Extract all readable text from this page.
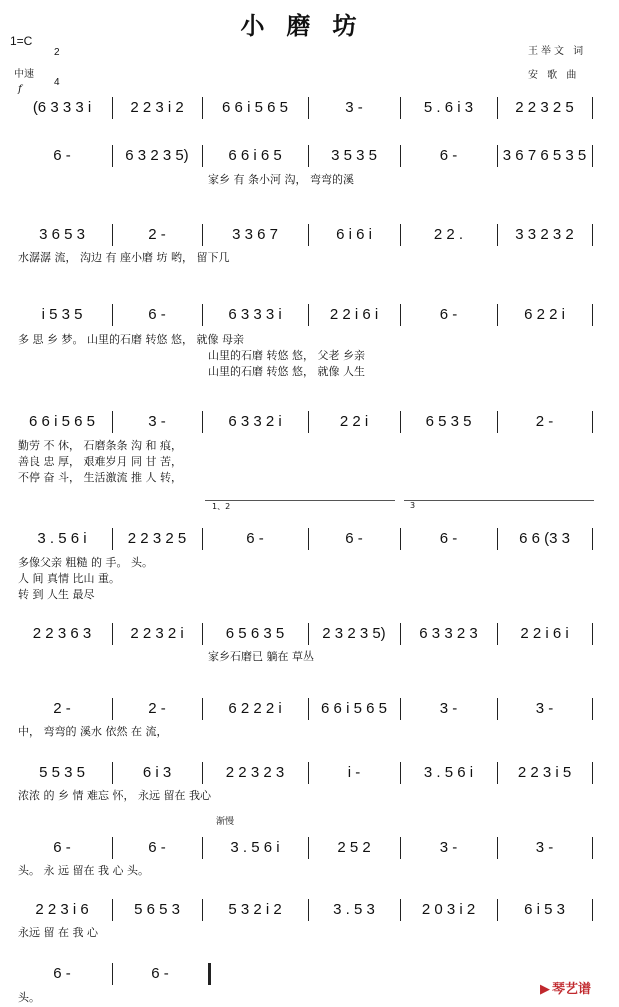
小磨坊
1=C

2

4

中速
f
王举文 词
安 歌 曲
渐慢
1、2	3
(6 3 3 3 i	2 2 3 i 2	6 6 i 5 6 5	3 -	5 . 6 i 3	2 2 3 2 5
6 -	6 3 2 3 5)	6 6 i 6 5	3 5 3 5	6 -	3 6 7 6 5 3 5
家乡 有 条小河 沟， 弯弯的溪
3 6 5 3	2 -	3 3 6 7	6 i 6 i	2 2 .	3 3 2 3 2
水潺潺 流， 沟边 有 座小磨 坊 哟， 留下几
i 5 3 5	6 -	6 3 3 3 i	2 2 i 6 i	6 -	6 2 2 i
多 思 乡 梦。 山里的石磨 转悠 悠， 就像 母亲
山里的石磨 转悠 悠， 父老 乡亲
山里的石磨 转悠 悠， 就像 人生
6 6 i 5 6 5	3 -	6 3 3 2 i	2 2 i	6 5 3 5	2 -
勤劳 不 休， 石磨条条 沟 和 痕，
善良 忠 厚， 艰难岁月 同 甘 苦，
不停 奋 斗， 生活激流 推 人 转，
3 . 5 6 i	2 2 3 2 5	6 -	6 -	6 -	6 6 (3 3
多像父亲 粗糙 的 手。 头。
人 间 真情 比山 重。
转 到 人生 最尽
2 2 3 6 3	2 2 3 2 i	6 5 6 3 5	2 3 2 3 5)	6 3 3 2 3	2 2 i 6 i
家乡石磨已 躺在 草丛
2 -	2 -	6 2 2 2 i	6 6 i 5 6 5	3 -	3 -
中， 弯弯的 溪水 依然 在 流，
5 5 3 5	6 i 3	2 2 3 2 3	i -	3 . 5 6 i	2 2 3 i 5
浓浓 的 乡 情 难忘 怀， 永远 留在 我心
6 -	6 -	3 . 5 6 i	2 5 2	3 -	3 -
头。 永 远 留在 我 心 头。
2 2 3 i 6	5 6 5 3	5 3 2 i 2	3 . 5 3	2 0 3 i 2	6 i 5 3
永远 留 在 我 心
6 -	6 -
头。
▶ 琴艺谱
